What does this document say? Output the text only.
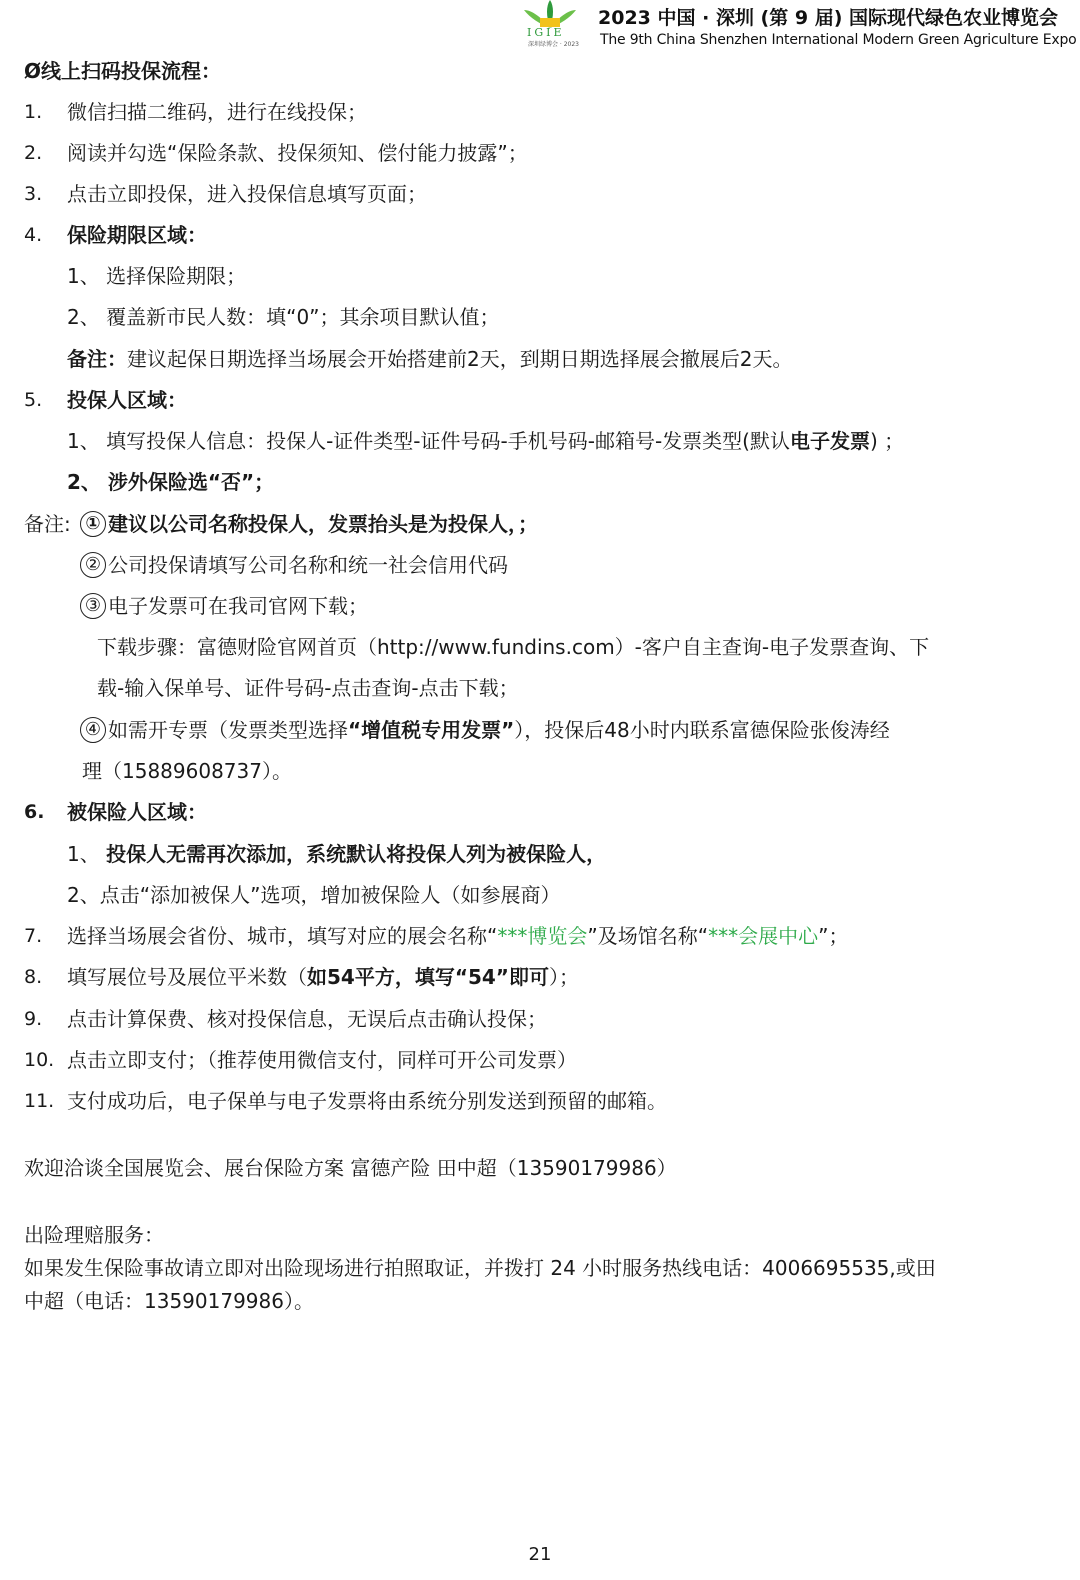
IGIE
深圳绿博会 · 2023
2023 中国 · 深圳 (第 9 届) 国际现代绿色农业博览会
The 9th China Shenzhen International Modern Green Agriculture Expo
Ø线上扫码投保流程：
1. 微信扫描二维码，进行在线投保；
2. 阅读并勾选“保险条款、投保须知、偿付能力披露”；
3. 点击立即投保，进入投保信息填写页面；
4. 保险期限区域：
1、 选择保险期限；
2、 覆盖新市民人数：填“0”；其余项目默认值；
备注：建议起保日期选择当场展会开始搭建前2天，到期日期选择展会撤展后2天。
5. 投保人区域：
1、 填写投保人信息：投保人-证件类型-证件号码-手机号码-邮箱号-发票类型(默认电子发票) ；
2、 涉外保险选“否”；
备注: ① 建议以公司名称投保人，发票抬头是为投保人，；
② 公司投保请填写公司名称和统一社会信用代码
③ 电子发票可在我司官网下载；
下载步骤：富德财险官网首页（http://www.fundins.com）-客户自主查询-电子发票查询、下
载-输入保单号、证件号码-点击查询-点击下载；
④ 如需开专票（发票类型选择“增值税专用发票”），投保后48小时内联系富德保险张俊涛经
理（15889608737）。
6. 被保险人区域：
1、 投保人无需再次添加，系统默认将投保人列为被保险人，
2、点击“添加被保人”选项，增加被保险人（如参展商）
7. 选择当场展会省份、城市，填写对应的展会名称“***博览会”及场馆名称“***会展中心”；
8. 填写展位号及展位平米数（如54平方，填写“54”即可）；
9. 点击计算保费、核对投保信息，无误后点击确认投保；
10. 点击立即支付；（推荐使用微信支付，同样可开公司发票）
11. 支付成功后，电子保单与电子发票将由系统分别发送到预留的邮箱。
欢迎洽谈全国展览会、展台保险方案 富德产险 田中超（13590179986）
出险理赔服务：
如果发生保险事故请立即对出险现场进行拍照取证，并拨打 24 小时服务热线电话：4006695535,或田
中超（电话：13590179986）。
21
